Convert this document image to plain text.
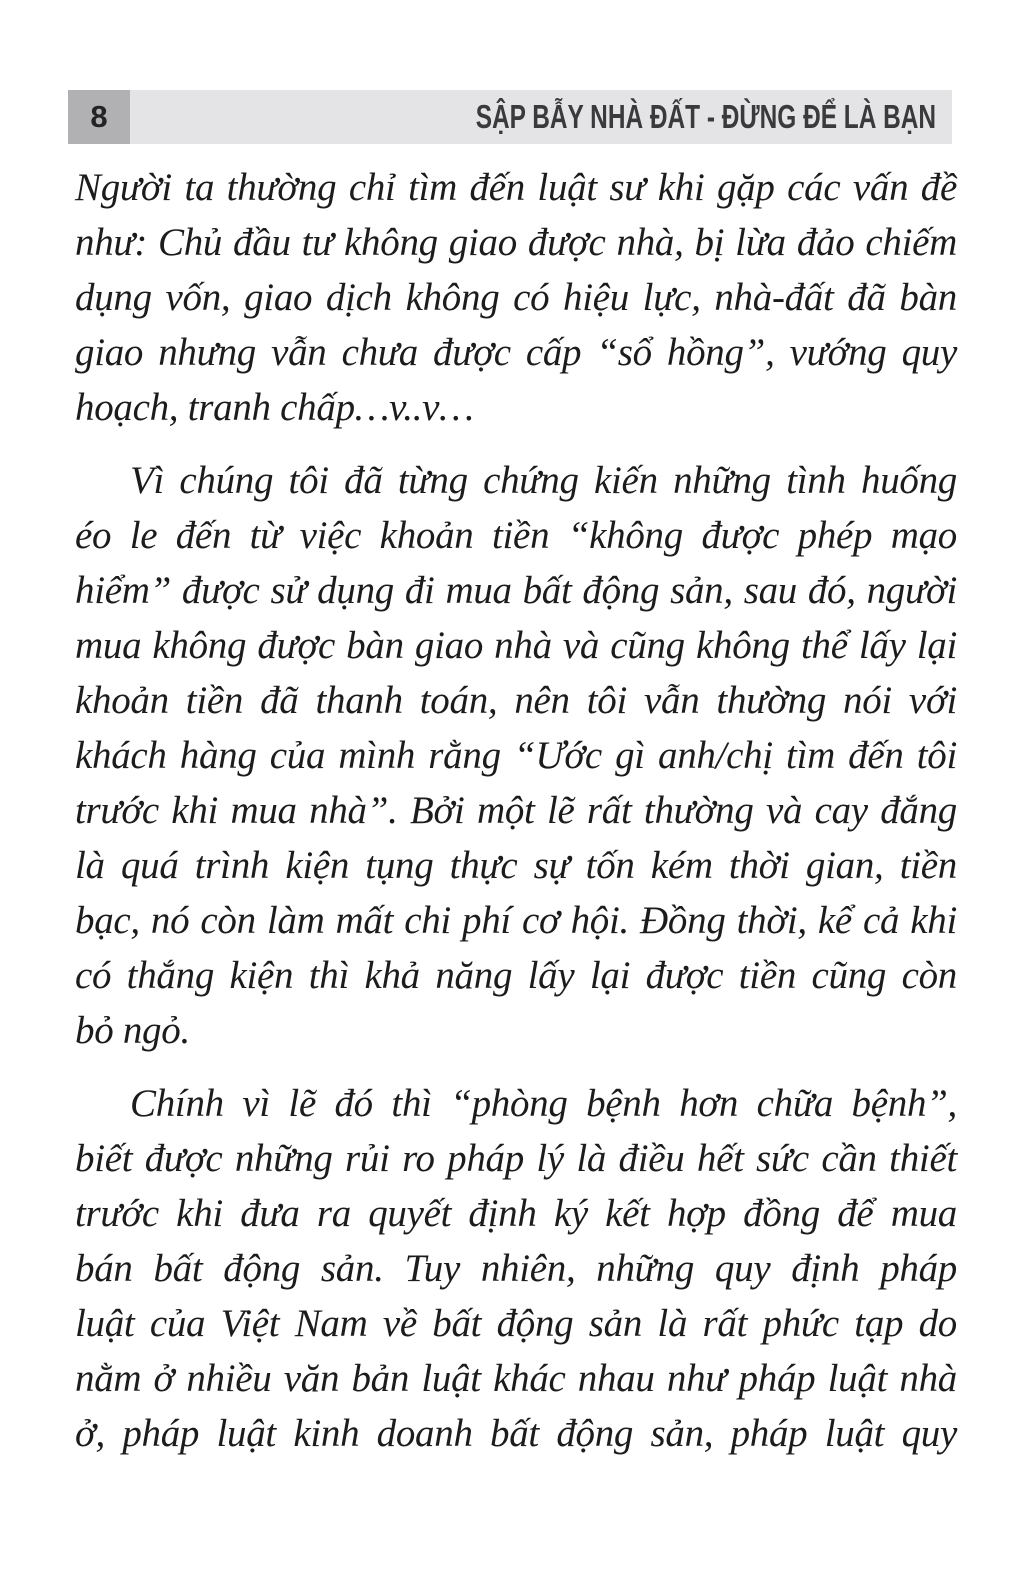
8	SẬP BẪY NHÀ ĐẤT - ĐỪNG ĐỂ LÀ BẠN
Người ta thường chỉ tìm đến luật sư khi gặp các vấn đề
như: Chủ đầu tư không giao được nhà, bị lừa đảo chiếm
dụng vốn, giao dịch không có hiệu lực, nhà-đất đã bàn
giao nhưng vẫn chưa được cấp “sổ hồng”, vướng quy
hoạch, tranh chấp…v..v…
Vì chúng tôi đã từng chứng kiến những tình huống
éo le đến từ việc khoản tiền “không được phép mạo
hiểm” được sử dụng đi mua bất động sản, sau đó, người
mua không được bàn giao nhà và cũng không thể lấy lại
khoản tiền đã thanh toán, nên tôi vẫn thường nói với
khách hàng của mình rằng “Ước gì anh/chị tìm đến tôi
trước khi mua nhà”. Bởi một lẽ rất thường và cay đắng
là quá trình kiện tụng thực sự tốn kém thời gian, tiền
bạc, nó còn làm mất chi phí cơ hội. Đồng thời, kể cả khi
có thắng kiện thì khả năng lấy lại được tiền cũng còn
bỏ ngỏ.
Chính vì lẽ đó thì “phòng bệnh hơn chữa bệnh”,
biết được những rủi ro pháp lý là điều hết sức cần thiết
trước khi đưa ra quyết định ký kết hợp đồng để mua
bán bất động sản. Tuy nhiên, những quy định pháp
luật của Việt Nam về bất động sản là rất phức tạp do
nằm ở nhiều văn bản luật khác nhau như pháp luật nhà
ở, pháp luật kinh doanh bất động sản, pháp luật quy
